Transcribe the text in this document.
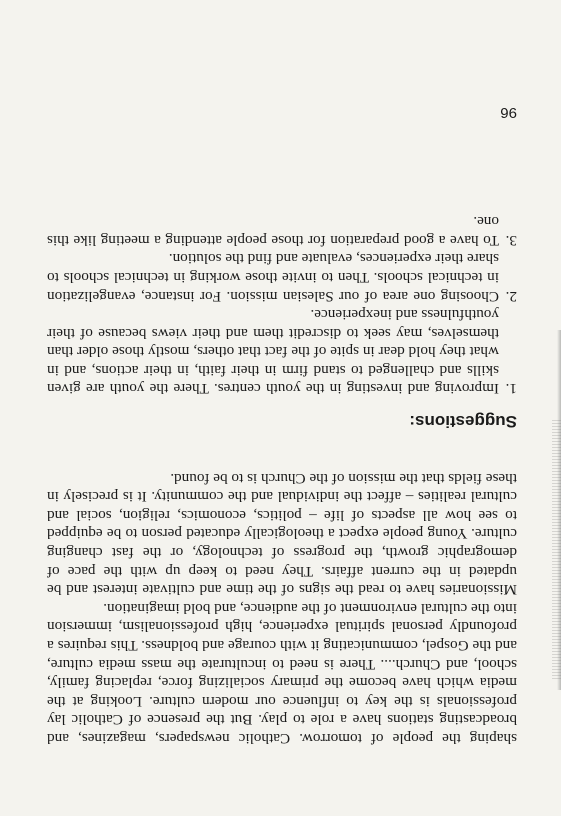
shaping the people of tomorrow. Catholic newspapers, magazines, and broadcasting stations have a role to play. But the presence of Catholic lay professionals is the key to influence our modern culture. Looking at the media which have become the primary socializing force, replacing family, school, and Church.... There is need to inculturate the mass media culture, and the Gospel, communicating it with courage and boldness. This requires a profoundly personal spiritual experience, high professionalism, immersion into the cultural environment of the audience, and bold imagination.

Missionaries have to read the signs of the time and cultivate interest and be updated in the current affairs. They need to keep up with the pace of demographic growth, the progress of technology, or the fast changing culture. Young people expect a theologically educated person to be equipped to see how all aspects of life – politics, economics, religion, social and cultural realities – affect the individual and the community. It is precisely in these fields that the mission of the Church is to be found.

Suggestions:
1.Improving and investing in the youth centres. There the youth are given skills and challenged to stand firm in their faith, in their actions, and in what they hold dear in spite of the fact that others, mostly those older than themselves, may seek to discredit them and their views because of their youthfulness and inexperience.
2.Choosing one area of our Salesian mission. For instance, evangelization in technical schools. Then to invite those working in technical schools to share their experiences, evaluate and find the solution.
3.To have a good preparation for those people attending a meeting like this one.
96
